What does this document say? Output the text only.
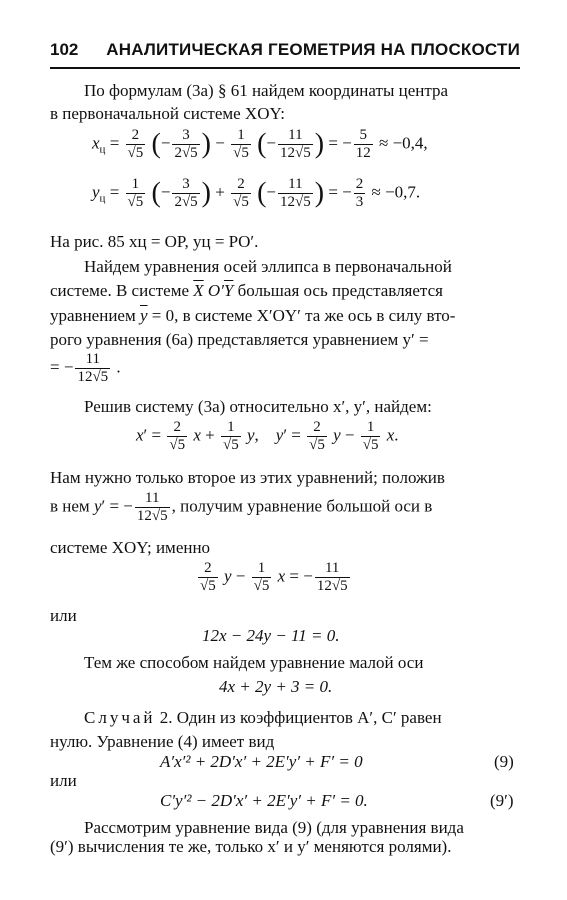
102 АНАЛИТИЧЕСКАЯ ГЕОМЕТРИЯ НА ПЛОСКОСТИ
По формулам (3а) § 61 найдем координаты центра
в первоначальной системе XOY:
$x_ц = \frac{2}{√5}$ (− $\frac{3}{2√5}$ ) − $\frac{1}{√5}$ (− $\frac{11}{12√5}$ ) = − $\frac{5}{12} \approx -0,4$,
$y_ц = \frac{1}{√5}$ (− $\frac{3}{2√5}$ ) + $\frac{2}{√5}$ (− $\frac{11}{12√5}$ ) = − $\frac{2}{3} \approx -0,7$.
На рис. 85 xц = OP, yц = PO′.
Найдем уравнения осей эллипса в первоначальной
системе. В системе $\overline{X}$ $O'\overline{Y}$ большая ось представляется
уравнением $\overline{y} = 0$, в системе X′OY′ та же ось в силу вто-
рого уравнения (6а) представляется уравнением y′ =
= − $\frac{11}{12√5}$ .
Решив систему (3а) относительно x′, y′, найдем:
$x' = \frac{2}{√5}$ $x + \frac{1}{√5} y$,    $y' = \frac{2}{√5}$ $y - \frac{1}{√5} x$.
Нам нужно только второе из этих уравнений; положив
в нем y′ = − $\frac{11}{12√5}$ , получим уравнение большой оси в
системе XOY; именно
$\frac{2}{√5}$ $y - \frac{1}{√5}$ x = − $\frac{11}{12√5}$
или
12x − 24y − 11 = 0.
Тем же способом найдем уравнение малой оси
4x + 2y + 3 = 0.
Случай 2. Один из коэффициентов A′, C′ равен
нулю. Уравнение (4) имеет вид
A′x′² + 2D′x′ + 2E′y′ + F′ = 0	(9)
или
C′y′² − 2D′x′ + 2E′y′ + F′ = 0.	(9′)
Рассмотрим уравнение вида (9) (для уравнения вида
(9′) вычисления те же, только x′ и y′ меняются ролями).
